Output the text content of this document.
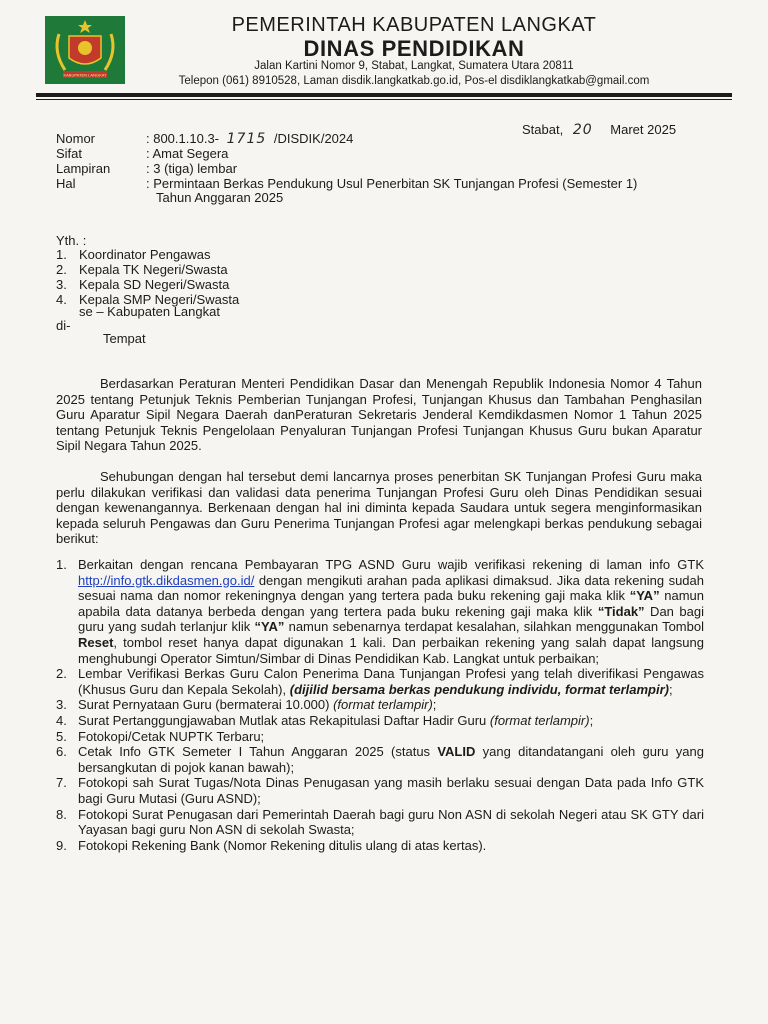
KABUPATEN LANGKAT
PEMERINTAH KABUPATEN LANGKAT
DINAS PENDIDIKAN
Jalan Kartini Nomor 9, Stabat, Langkat, Sumatera Utara 20811
Telepon (061) 8910528, Laman disdik.langkatkab.go.id, Pos-el disdiklangkatkab@gmail.com
Stabat, 20 Maret 2025
Nomor	: 800.1.10.3- 1715 /DISDIK/2024
Sifat	: Amat Segera
Lampiran	: 3 (tiga) lembar
Hal	: Permintaan Berkas Pendukung Usul Penerbitan SK Tunjangan Profesi (Semester 1)
Tahun Anggaran 2025
Yth. :
1. Koordinator Pengawas
2. Kepala TK Negeri/Swasta
3. Kepala SD Negeri/Swasta
4. Kepala SMP Negeri/Swasta
se – Kabupaten Langkat
di-
Tempat
Berdasarkan Peraturan Menteri Pendidikan Dasar dan Menengah Republik Indonesia Nomor 4 Tahun 2025 tentang Petunjuk Teknis Pemberian Tunjangan Profesi, Tunjangan Khusus dan Tambahan Penghasilan Guru Aparatur Sipil Negara Daerah danPeraturan Sekretaris Jenderal Kemdikdasmen Nomor 1 Tahun 2025 tentang Petunjuk Teknis Pengelolaan Penyaluran Tunjangan Profesi Tunjangan Khusus Guru bukan Aparatur Sipil Negara Tahun 2025.
Sehubungan dengan hal tersebut demi lancarnya proses penerbitan SK Tunjangan Profesi Guru maka perlu dilakukan verifikasi dan validasi data penerima Tunjangan Profesi Guru oleh Dinas Pendidikan sesuai dengan kewenangannya. Berkenaan dengan hal ini diminta kepada Saudara untuk segera menginformasikan kepada seluruh Pengawas dan Guru Penerima Tunjangan Profesi agar melengkapi berkas pendukung sebagai berikut:
1. Berkaitan dengan rencana Pembayaran TPG ASND Guru wajib verifikasi rekening di laman info GTK http://info.gtk.dikdasmen.go.id/ dengan mengikuti arahan pada aplikasi dimaksud. Jika data rekening sudah sesuai nama dan nomor rekeningnya dengan yang tertera pada buku rekening gaji maka klik “YA” namun apabila data datanya berbeda dengan yang tertera pada buku rekening gaji maka klik “Tidak” Dan bagi guru yang sudah terlanjur klik “YA” namun sebenarnya terdapat kesalahan, silahkan menggunakan Tombol Reset, tombol reset hanya dapat digunakan 1 kali. Dan perbaikan rekening yang salah dapat langsung menghubungi Operator Simtun/Simbar di Dinas Pendidikan Kab. Langkat untuk perbaikan;
2. Lembar Verifikasi Berkas Guru Calon Penerima Dana Tunjangan Profesi yang telah diverifikasi Pengawas (Khusus Guru dan Kepala Sekolah), (dijilid bersama berkas pendukung individu, format terlampir);
3. Surat Pernyataan Guru (bermaterai 10.000) (format terlampir);
4. Surat Pertanggungjawaban Mutlak atas Rekapitulasi Daftar Hadir Guru (format terlampir);
5. Fotokopi/Cetak NUPTK Terbaru;
6. Cetak Info GTK Semeter I Tahun Anggaran 2025 (status VALID yang ditandatangani oleh guru yang bersangkutan di pojok kanan bawah);
7. Fotokopi sah Surat Tugas/Nota Dinas Penugasan yang masih berlaku sesuai dengan Data pada Info GTK bagi Guru Mutasi (Guru ASND);
8. Fotokopi Surat Penugasan dari Pemerintah Daerah bagi guru Non ASN di sekolah Negeri atau SK GTY dari Yayasan bagi guru Non ASN di sekolah Swasta;
9. Fotokopi Rekening Bank (Nomor Rekening ditulis ulang di atas kertas).
